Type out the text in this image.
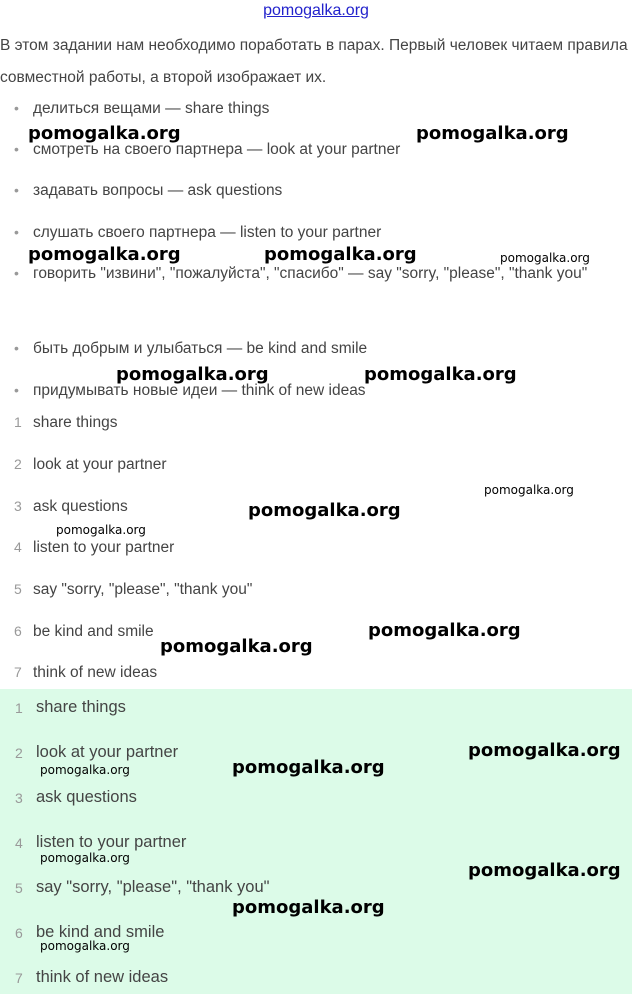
pomogalka.org
В этом задании нам необходимо поработать в парах. Первый человек читаем правила совместной работы, а второй изображает их.
• делиться вещами — share things
• смотреть на своего партнера — look at your partner
• задавать вопросы — ask questions
• слушать своего партнера — listen to your partner
• говорить "извини", "пожалуйста", "спасибо" — say "sorry, "please", "thank you"
• быть добрым и улыбаться — be kind and smile
• придумывать новые идеи — think of new ideas
1 share things
2 look at your partner
3 ask questions
4 listen to your partner
5 say "sorry, "please", "thank you"
6 be kind and smile
7 think of new ideas
1 share things
2 look at your partner
3 ask questions
4 listen to your partner
5 say "sorry, "please", "thank you"
6 be kind and smile
7 think of new ideas
pomogalka.org	pomogalka.org
pomogalka.org	pomogalka.org	pomogalka.org
pomogalka.org	pomogalka.org
pomogalka.org
pomogalka.org
pomogalka.org
pomogalka.org
pomogalka.org
pomogalka.org
pomogalka.org
pomogalka.org
pomogalka.org
pomogalka.org
pomogalka.org
pomogalka.org
